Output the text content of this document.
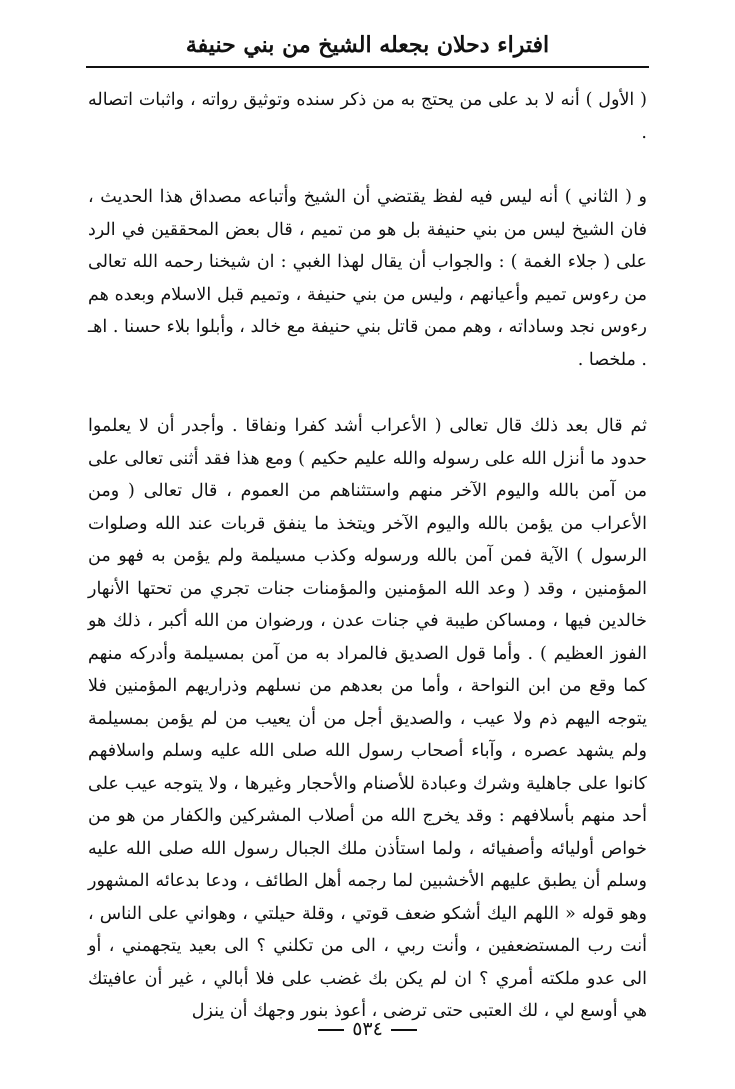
افتراء دحلان بجعله الشيخ من بني حنيفة

( الأول ) أنه لا بد على من يحتج به من ذكر سنده وتوثيق رواته ، واثبات اتصاله .

و ( الثاني ) أنه ليس فيه لفظ يقتضي أن الشيخ وأتباعه مصداق هذا الحديث ، فان الشيخ ليس من بني حنيفة بل هو من تميم ، قال بعض المحققين في الرد على ( جلاء الغمة ) : والجواب أن يقال لهذا الغبي : ان شيخنا رحمه الله تعالى من رءوس تميم وأعيانهم ، وليس من بني حنيفة ، وتميم قبل الاسلام وبعده هم رءوس نجد وساداته ، وهم ممن قاتل بني حنيفة مع خالد ، وأبلوا بلاء حسنا . اهـ . ملخصا .

ثم قال بعد ذلك قال تعالى ( الأعراب أشد كفرا ونفاقا . وأجدر أن لا يعلموا حدود ما أنزل الله على رسوله والله عليم حكيم ) ومع هذا فقد أثنى تعالى على من آمن بالله واليوم الآخر منهم واستثناهم من العموم ، قال تعالى ( ومن الأعراب من يؤمن بالله واليوم الآخر ويتخذ ما ينفق قربات عند الله وصلوات الرسول ) الآية فمن آمن بالله ورسوله وكذب مسيلمة ولم يؤمن به فهو من المؤمنين ، وقد ( وعد الله المؤمنين والمؤمنات جنات تجري من تحتها الأنهار خالدين فيها ، ومساكن طيبة في جنات عدن ، ورضوان من الله أكبر ، ذلك هو الفوز العظيم ) . وأما قول الصديق فالمراد به من آمن بمسيلمة وأدركه منهم كما وقع من ابن النواحة ، وأما من بعدهم من نسلهم وذراريهم المؤمنين فلا يتوجه اليهم ذم ولا عيب ، والصديق أجل من أن يعيب من لم يؤمن بمسيلمة ولم يشهد عصره ، وآباء أصحاب رسول الله صلى الله عليه وسلم واسلافهم كانوا على جاهلية وشرك وعبادة للأصنام والأحجار وغيرها ، ولا يتوجه عيب على أحد منهم بأسلافهم : وقد يخرج الله من أصلاب المشركين والكفار من هو من خواص أوليائه وأصفيائه ، ولما استأذن ملك الجبال رسول الله صلى الله عليه وسلم أن يطبق عليهم الأخشبين لما رجمه أهل الطائف ، ودعا بدعائه المشهور وهو قوله « اللهم اليك أشكو ضعف قوتي ، وقلة حيلتي ، وهواني على الناس ، أنت رب المستضعفين ، وأنت ربي ، الى من تكلني ؟ الى بعيد يتجهمني ، أو الى عدو ملكته أمري ؟ ان لم يكن بك غضب على فلا أبالي ، غير أن عافيتك هي أوسع لي ، لك العتبى حتى ترضى ، أعوذ بنور وجهك أن ينزل

٥٣٤
